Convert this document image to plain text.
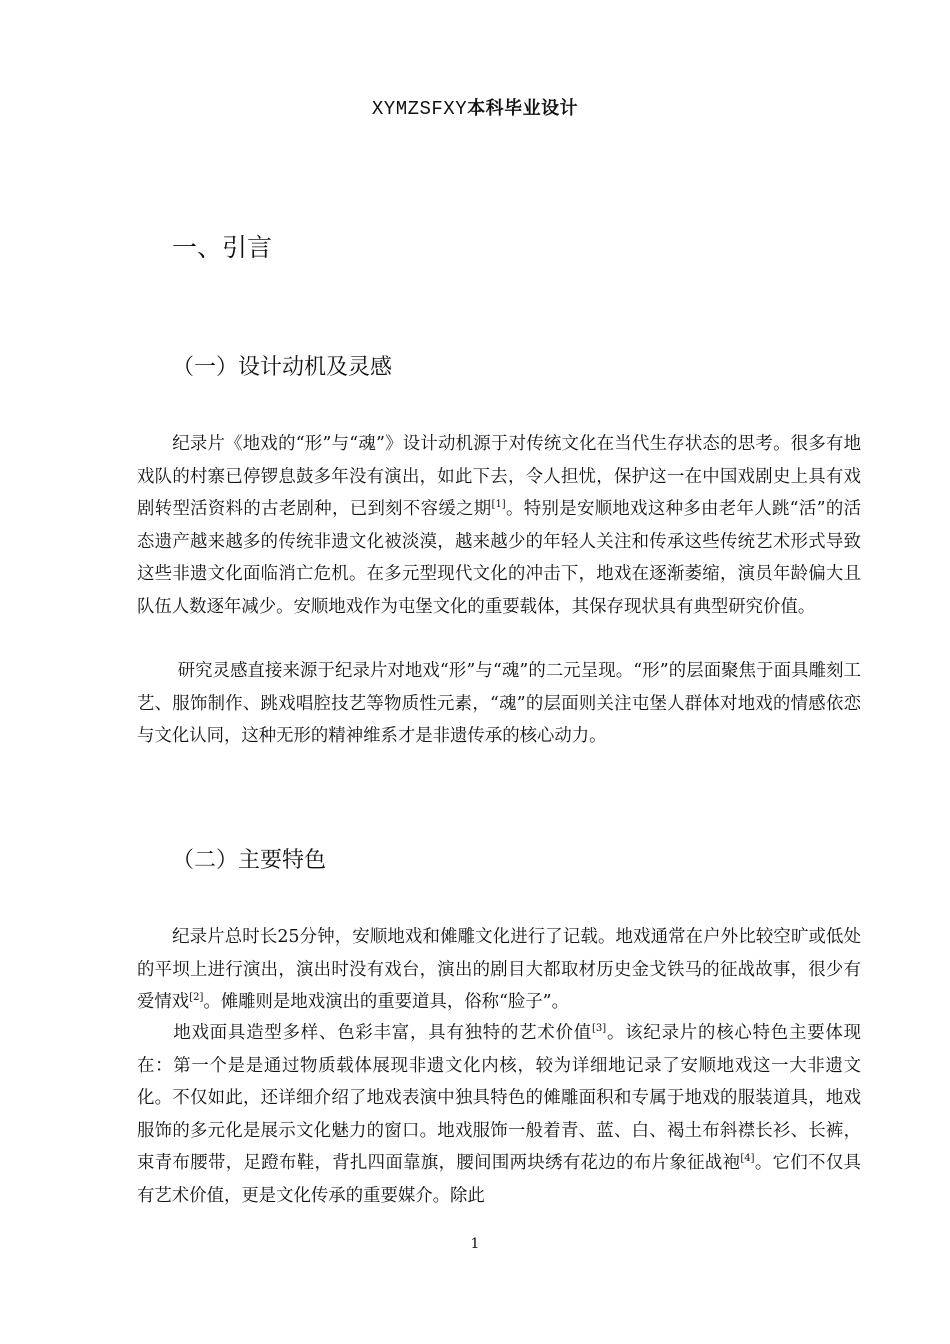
XYMZSFXY本科毕业设计
一、引言
（一）设计动机及灵感

　　纪录片《地戏的“形”与“魂”》设计动机源于对传统文化在当代生存状态的思考。很多有地戏队的村寨已停锣息鼓多年没有演出，如此下去，令人担忧，保护这一在中国戏剧史上具有戏剧转型活资料的古老剧种，已到刻不容缓之期[1]。特别是安顺地戏这种多由老年人跳“活”的活态遗产越来越多的传统非遗文化被淡漠，越来越少的年轻人关注和传承这些传统艺术形式导致这些非遗文化面临消亡危机。在多元型现代文化的冲击下，地戏在逐渐萎缩，演员年龄偏大且队伍人数逐年减少。安顺地戏作为屯堡文化的重要载体，其保存现状具有典型研究价值。

　　 研究灵感直接来源于纪录片对地戏“形”与“魂”的二元呈现。“形”的层面聚焦于面具雕刻工艺、服饰制作、跳戏唱腔技艺等物质性元素，“魂”的层面则关注屯堡人群体对地戏的情感依恋与文化认同，这种无形的精神维系才是非遗传承的核心动力。

（二）主要特色

　　纪录片总时长25分钟，安顺地戏和傩雕文化进行了记载。地戏通常在户外比较空旷或低处的平坝上进行演出，演出时没有戏台，演出的剧目大都取材历史金戈铁马的征战故事，很少有爱情戏[2]。傩雕则是地戏演出的重要道具，俗称“脸子”。

　　地戏面具造型多样、色彩丰富，具有独特的艺术价值[3]。该纪录片的核心特色主要体现在：第一个是是通过物质载体展现非遗文化内核，较为详细地记录了安顺地戏这一大非遗文化。不仅如此，还详细介绍了地戏表演中独具特色的傩雕面积和专属于地戏的服装道具，地戏服饰的多元化是展示文化魅力的窗口。地戏服饰一般着青、蓝、白、褐土布斜襟长衫、长裤，束青布腰带，足蹬布鞋，背扎四面靠旗，腰间围两块绣有花边的布片象征战袍[4]。它们不仅具有艺术价值，更是文化传承的重要媒介。除此

1
